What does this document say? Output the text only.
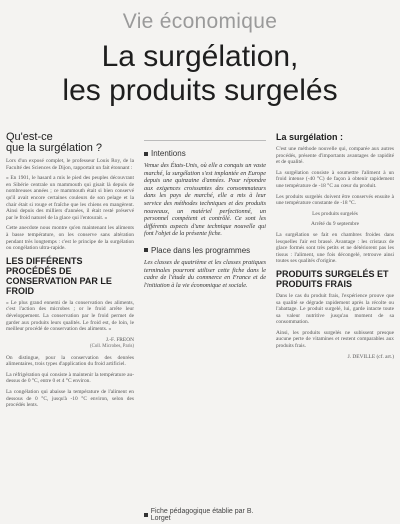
Vie économique
La surgélation,
les produits surgelés
Qu'est-ce
que la surgélation ?

Lors d'un exposé complet, le professeur Louis Roy, de la Faculté des Sciences de Dijon, rapportait un fait étonnant :

« En 1901, le hasard a mis le pied des peuples découvrant en Sibérie centrale un mammouth qui gisait là depuis de nombreuses années ; ce mammouth était si bien conservé qu'il avait encore certaines couleurs de son pelage et la chair était si rouge et fraîche que les chiens en mangèrent. Ainsi depuis des milliers d'années, il était resté préservé par le froid naturel de la glace qui l'entourait. »

Cette anecdote nous montre qu'en maintenant les aliments à basse température, on les conserve sans altération pendant très longtemps : c'est le principe de la surgélation ou congélation ultra-rapide.

LES DIFFÉRENTS PROCÉDÉS DE CONSERVATION PAR LE FROID

« Le plus grand ennemi de la conservation des aliments, c'est l'action des microbes ; or le froid arrête leur développement. La conservation par le froid permet de garder aux produits leurs qualités. Le froid est, de loin, le meilleur procédé de conservation des aliments. »

J.-F. FREON

(Coll. Microbes, Paris)

On distingue, pour la conservation des denrées alimentaires, trois types d'application du froid artificiel.

La réfrigération qui consiste à maintenir la température au-dessus de 0 °C, entre 0 et 4 °C environ.

La congélation qui abaisse la température de l'aliment en dessous de 0 °C, jusqu'à -10 °C environ, selon des procédés lents.

Intentions

Venue des États-Unis, où elle a conquis un vaste marché, la surgélation s'est implantée en Europe depuis une quinzaine d'années. Pour répondre aux exigences croissantes des consommateurs dans les pays de marché, elle a mis à leur service des méthodes techniques et des produits nouveaux, un matériel perfectionné, un personnel compétent et contrôlé. Ce sont les différents aspects d'une technique nouvelle qui font l'objet de la présente fiche.

Place dans les programmes

Les classes de quatrième et les classes pratiques terminales pourront utiliser cette fiche dans le cadre de l'étude du commerce en France et de l'initiation à la vie économique et sociale.

Fiche pédagogique établie par B. Lorget
La surgélation :

C'est une méthode nouvelle qui, comparée aux autres procédés, présente d'importants avantages de rapidité et de qualité.

La surgélation consiste à soumettre l'aliment à un froid intense (-40 °C) de façon à obtenir rapidement une température de -18 °C au cœur du produit.

Les produits surgelés doivent être conservés ensuite à une température constante de -18 °C.

Les produits surgelés

Arrêté du 9 septembre

La surgélation se fait en chambres froides dans lesquelles l'air est brassé. Avantage : les cristaux de glace formés sont très petits et ne détériorent pas les tissus : l'aliment, une fois décongelé, retrouve ainsi toutes ses qualités d'origine.

PRODUITS SURGELÉS ET PRODUITS FRAIS

Dans le cas du produit frais, l'expérience prouve que sa qualité se dégrade rapidement après la récolte ou l'abattage. Le produit surgelé, lui, garde intacte toute sa valeur nutritive jusqu'au moment de sa consommation.

Ainsi, les produits surgelés ne subissent presque aucune perte de vitamines et restent comparables aux produits frais.

J. DEVILLE (cf. art.)
